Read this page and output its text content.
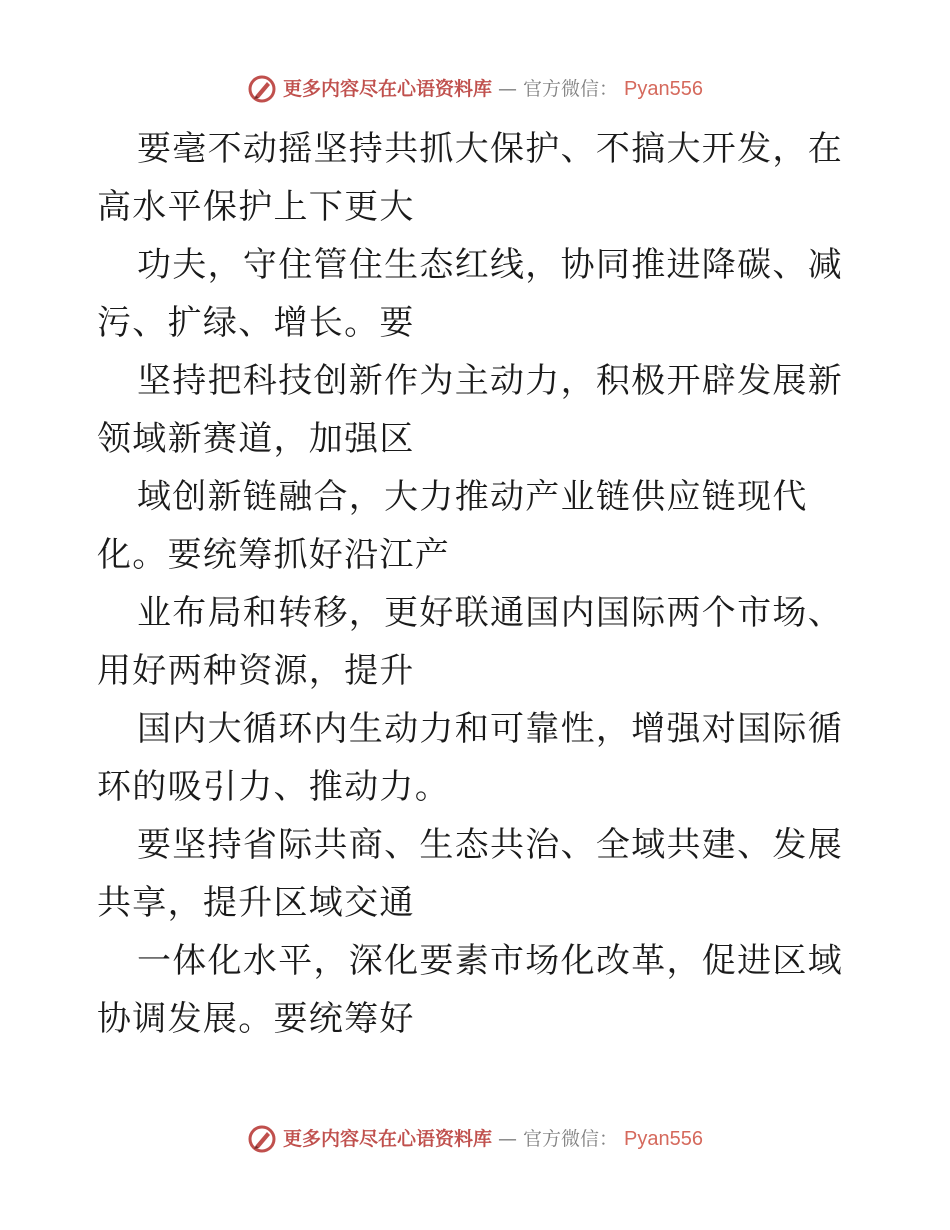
更多内容尽在心语资料库 — 官方微信： Pyan556

要毫不动摇坚持共抓大保护、不搞大开发，在高水平保护上下更大

功夫，守住管住生态红线，协同推进降碳、减污、扩绿、增长。要

坚持把科技创新作为主动力，积极开辟发展新领域新赛道，加强区

域创新链融合，大力推动产业链供应链现代化。要统筹抓好沿江产

业布局和转移，更好联通国内国际两个市场、用好两种资源，提升

国内大循环内生动力和可靠性，增强对国际循环的吸引力、推动力。

要坚持省际共商、生态共治、全域共建、发展共享，提升区域交通

一体化水平，深化要素市场化改革，促进区域协调发展。要统筹好

更多内容尽在心语资料库 — 官方微信： Pyan556
